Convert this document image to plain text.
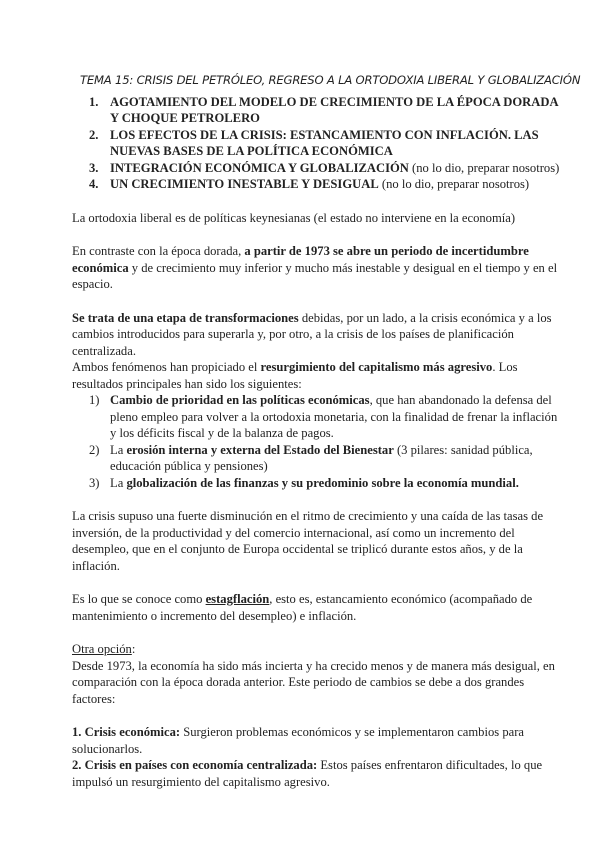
TEMA 15: CRISIS DEL PETRÓLEO, REGRESO A LA ORTODOXIA LIBERAL Y GLOBALIZACIÓN
1. AGOTAMIENTO DEL MODELO DE CRECIMIENTO DE LA ÉPOCA DORADA Y CHOQUE PETROLERO
2. LOS EFECTOS DE LA CRISIS: ESTANCAMIENTO CON INFLACIÓN. LAS NUEVAS BASES DE LA POLÍTICA ECONÓMICA
3. INTEGRACIÓN ECONÓMICA Y GLOBALIZACIÓN (no lo dio, preparar nosotros)
4. UN CRECIMIENTO INESTABLE Y DESIGUAL (no lo dio, preparar nosotros)

La ortodoxia liberal es de políticas keynesianas (el estado no interviene en la economía)

En contraste con la época dorada, a partir de 1973 se abre un periodo de incertidumbre económica y de crecimiento muy inferior y mucho más inestable y desigual en el tiempo y en el espacio.

Se trata de una etapa de transformaciones debidas, por un lado, a la crisis económica y a los cambios introducidos para superarla y, por otro, a la crisis de los países de planificación centralizada.

Ambos fenómenos han propiciado el resurgimiento del capitalismo más agresivo. Los resultados principales han sido los siguientes:

1) Cambio de prioridad en las políticas económicas, que han abandonado la defensa del pleno empleo para volver a la ortodoxia monetaria, con la finalidad de frenar la inflación y los déficits fiscal y de la balanza de pagos.
2) La erosión interna y externa del Estado del Bienestar (3 pilares: sanidad pública, educación pública y pensiones)
3) La globalización de las finanzas y su predominio sobre la economía mundial.

La crisis supuso una fuerte disminución en el ritmo de crecimiento y una caída de las tasas de inversión, de la productividad y del comercio internacional, así como un incremento del desempleo, que en el conjunto de Europa occidental se triplicó durante estos años, y de la inflación.

Es lo que se conoce como estagflación, esto es, estancamiento económico (acompañado de mantenimiento o incremento del desempleo) e inflación.

Otra opción:

Desde 1973, la economía ha sido más incierta y ha crecido menos y de manera más desigual, en comparación con la época dorada anterior. Este periodo de cambios se debe a dos grandes factores:

1. Crisis económica: Surgieron problemas económicos y se implementaron cambios para solucionarlos.

2. Crisis en países con economía centralizada: Estos países enfrentaron dificultades, lo que impulsó un resurgimiento del capitalismo agresivo.
